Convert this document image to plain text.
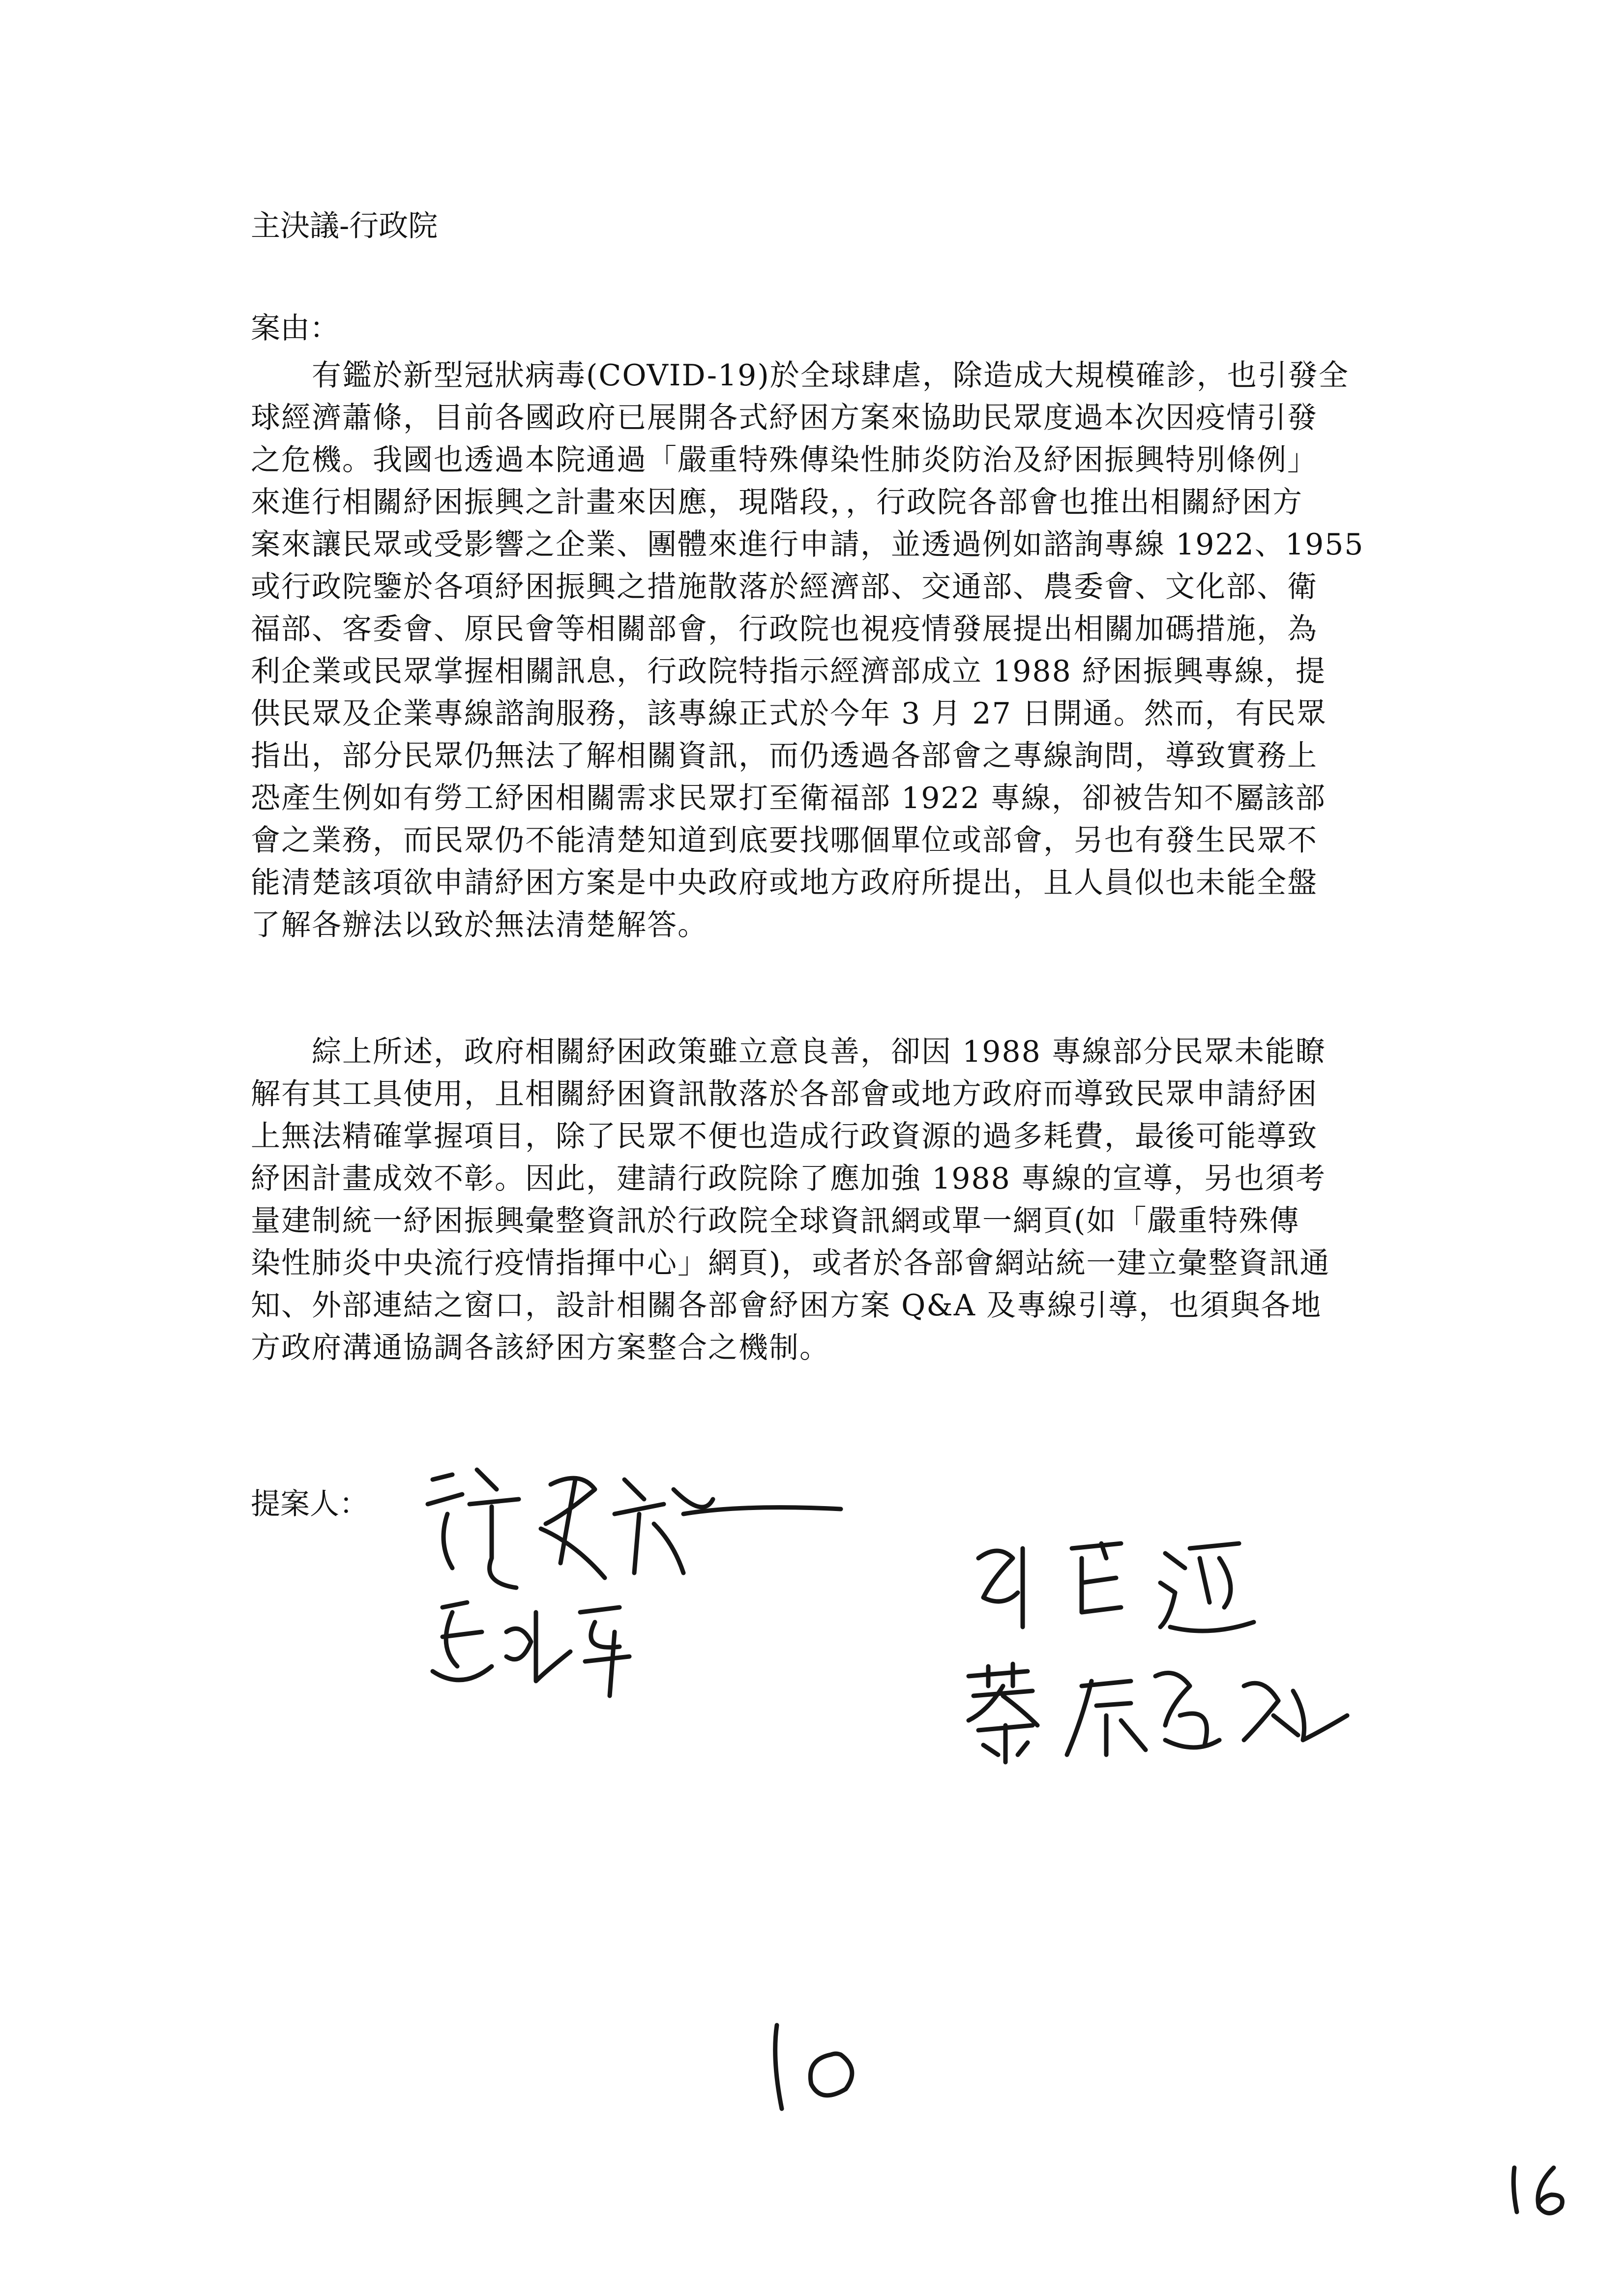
主決議-行政院
案由：
　　有鑑於新型冠狀病毒(COVID-19)於全球肆虐，除造成大規模確診，也引發全
球經濟蕭條，目前各國政府已展開各式紓困方案來協助民眾度過本次因疫情引發
之危機。我國也透過本院通過「嚴重特殊傳染性肺炎防治及紓困振興特別條例」
來進行相關紓困振興之計畫來因應，現階段，，行政院各部會也推出相關紓困方
案來讓民眾或受影響之企業、團體來進行申請，並透過例如諮詢專線 1922、1955
或行政院鑒於各項紓困振興之措施散落於經濟部、交通部、農委會、文化部、衛
福部、客委會、原民會等相關部會，行政院也視疫情發展提出相關加碼措施，為
利企業或民眾掌握相關訊息，行政院特指示經濟部成立 1988 紓困振興專線，提
供民眾及企業專線諮詢服務，該專線正式於今年 3 月 27 日開通。然而，有民眾
指出，部分民眾仍無法了解相關資訊，而仍透過各部會之專線詢問，導致實務上
恐產生例如有勞工紓困相關需求民眾打至衛福部 1922 專線，卻被告知不屬該部
會之業務，而民眾仍不能清楚知道到底要找哪個單位或部會，另也有發生民眾不
能清楚該項欲申請紓困方案是中央政府或地方政府所提出，且人員似也未能全盤
了解各辦法以致於無法清楚解答。
　　綜上所述，政府相關紓困政策雖立意良善，卻因 1988 專線部分民眾未能瞭
解有其工具使用，且相關紓困資訊散落於各部會或地方政府而導致民眾申請紓困
上無法精確掌握項目，除了民眾不便也造成行政資源的過多耗費，最後可能導致
紓困計畫成效不彰。因此，建請行政院除了應加強 1988 專線的宣導，另也須考
量建制統一紓困振興彙整資訊於行政院全球資訊網或單一網頁(如「嚴重特殊傳
染性肺炎中央流行疫情指揮中心」網頁)，或者於各部會網站統一建立彙整資訊通
知、外部連結之窗口，設計相關各部會紓困方案 Q&A 及專線引導，也須與各地
方政府溝通協調各該紓困方案整合之機制。
提案人：
